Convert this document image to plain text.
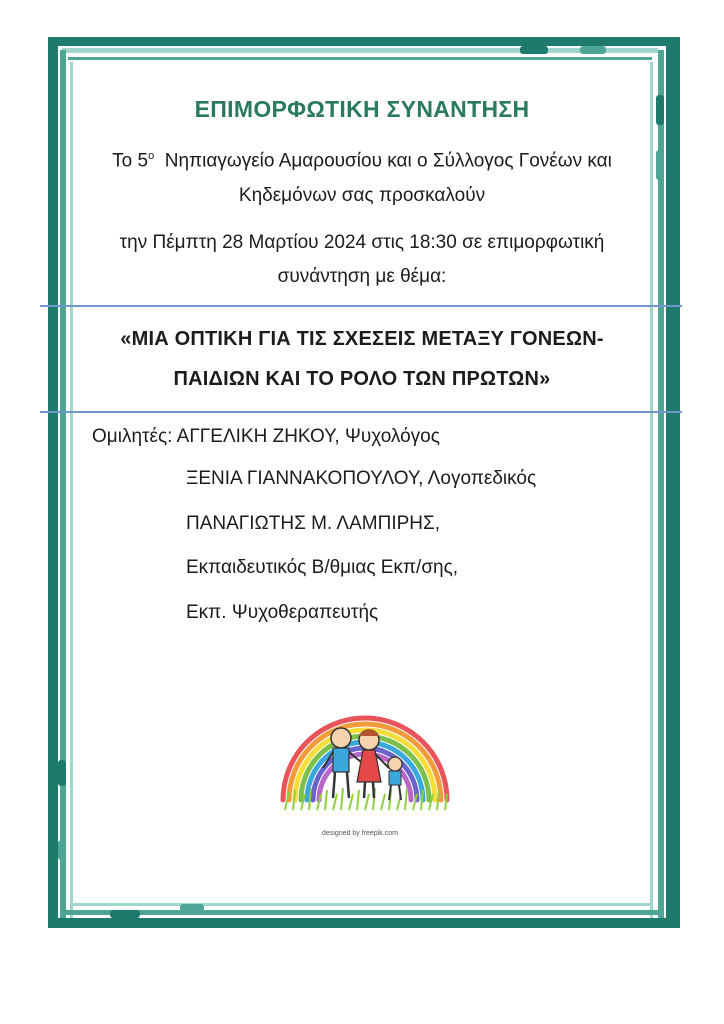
ΕΠΙΜΟΡΦΩΤΙΚΗ ΣΥΝΑΝΤΗΣΗ
Το $5^o$ Νηπιαγωγείο Αμαρουσίου και ο Σύλλογος Γονέων και
Κηδεμόνων σας προσκαλούν
την Πέμπτη 28 Μαρτίου 2024 στις 18:30 σε επιμορφωτική
συνάντηση με θέμα:
«ΜΙΑ ΟΠΤΙΚΗ ΓΙΑ ΤΙΣ ΣΧΕΣΕΙΣ ΜΕΤΑΞΥ ΓΟΝΕΩΝ-
ΠΑΙΔΙΩΝ ΚΑΙ ΤΟ ΡΟΛΟ ΤΩΝ ΠΡΩΤΩΝ»
Ομιλητές: ΑΓΓΕΛΙΚΗ ΖΗΚΟΥ, Ψυχολόγος
ΞΕΝΙΑ ΓΙΑΝΝΑΚΟΠΟΥΛΟΥ, Λογοπεδικός
ΠΑΝΑΓΙΩΤΗΣ Μ. ΛΑΜΠΙΡΗΣ,
Εκπαιδευτικός Β/θμιας Εκπ/σης,
Εκπ. Ψυχοθεραπευτής
designed by freepik.com
